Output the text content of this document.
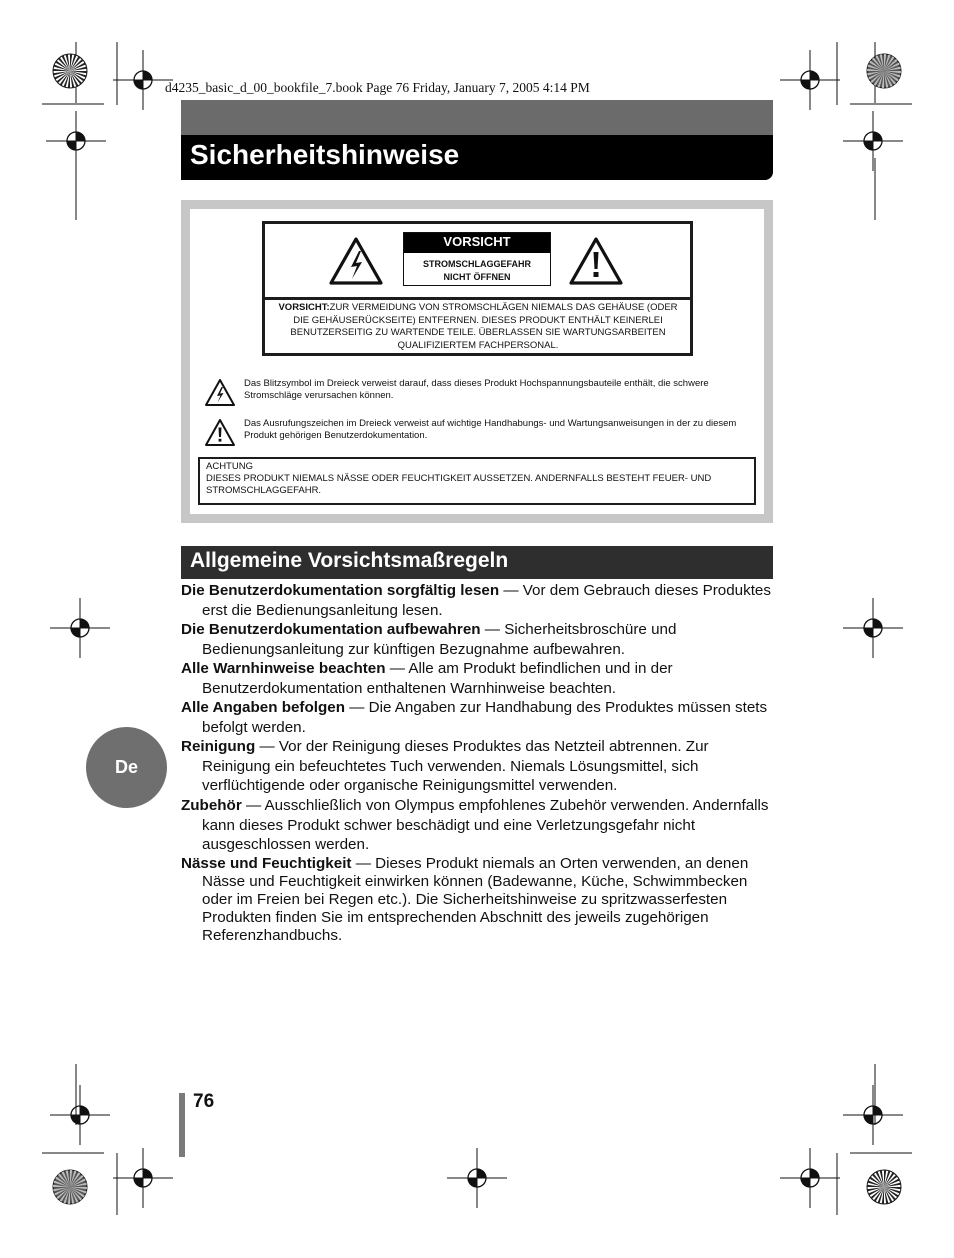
d4235_basic_d_00_bookfile_7.book Page 76 Friday, January 7, 2005 4:14 PM
Sicherheitshinweise
VORSICHT
STROMSCHLAGGEFAHR
NICHT ÖFFNEN
VORSICHT:ZUR VERMEIDUNG VON STROMSCHLÄGEN NIEMALS DAS GEHÄUSE (ODER DIE GEHÄUSERÜCKSEITE) ENTFERNEN. DIESES PRODUKT ENTHÄLT KEINERLEI BENUTZERSEITIG ZU WARTENDE TEILE. ÜBERLASSEN SIE WARTUNGSARBEITEN QUALIFIZIERTEM FACHPERSONAL.
Das Blitzsymbol im Dreieck verweist darauf, dass dieses Produkt Hochspannungsbauteile enthält, die schwere Stromschläge verursachen können.
Das Ausrufungszeichen im Dreieck verweist auf wichtige Handhabungs- und Wartungsanweisungen in der zu diesem Produkt gehörigen Benutzerdokumentation.
ACHTUNG
DIESES PRODUKT NIEMALS NÄSSE ODER FEUCHTIGKEIT AUSSETZEN. ANDERNFALLS BESTEHT FEUER- UND STROMSCHLAGGEFAHR.
Allgemeine Vorsichtsmaßregeln
Die Benutzerdokumentation sorgfältig lesen — Vor dem Gebrauch dieses Produktes erst die Bedienungsanleitung lesen.
Die Benutzerdokumentation aufbewahren — Sicherheitsbroschüre und Bedienungsanleitung zur künftigen Bezugnahme aufbewahren.
Alle Warnhinweise beachten — Alle am Produkt befindlichen und in der Benutzerdokumentation enthaltenen Warnhinweise beachten.
Alle Angaben befolgen — Die Angaben zur Handhabung des Produktes müssen stets befolgt werden.
Reinigung — Vor der Reinigung dieses Produktes das Netzteil abtrennen. Zur Reinigung ein befeuchtetes Tuch verwenden. Niemals Lösungsmittel, sich verflüchtigende oder organische Reinigungsmittel verwenden.
Zubehör — Ausschließlich von Olympus empfohlenes Zubehör verwenden. Andernfalls kann dieses Produkt schwer beschädigt und eine Verletzungsgefahr nicht ausgeschlossen werden.
Nässe und Feuchtigkeit — Dieses Produkt niemals an Orten verwenden, an denen Nässe und Feuchtigkeit einwirken können (Badewanne, Küche, Schwimmbecken oder im Freien bei Regen etc.). Die Sicherheitshinweise zu spritzwasserfesten Produkten finden Sie im entsprechenden Abschnitt des jeweils zugehörigen Referenzhandbuchs.
De
76
